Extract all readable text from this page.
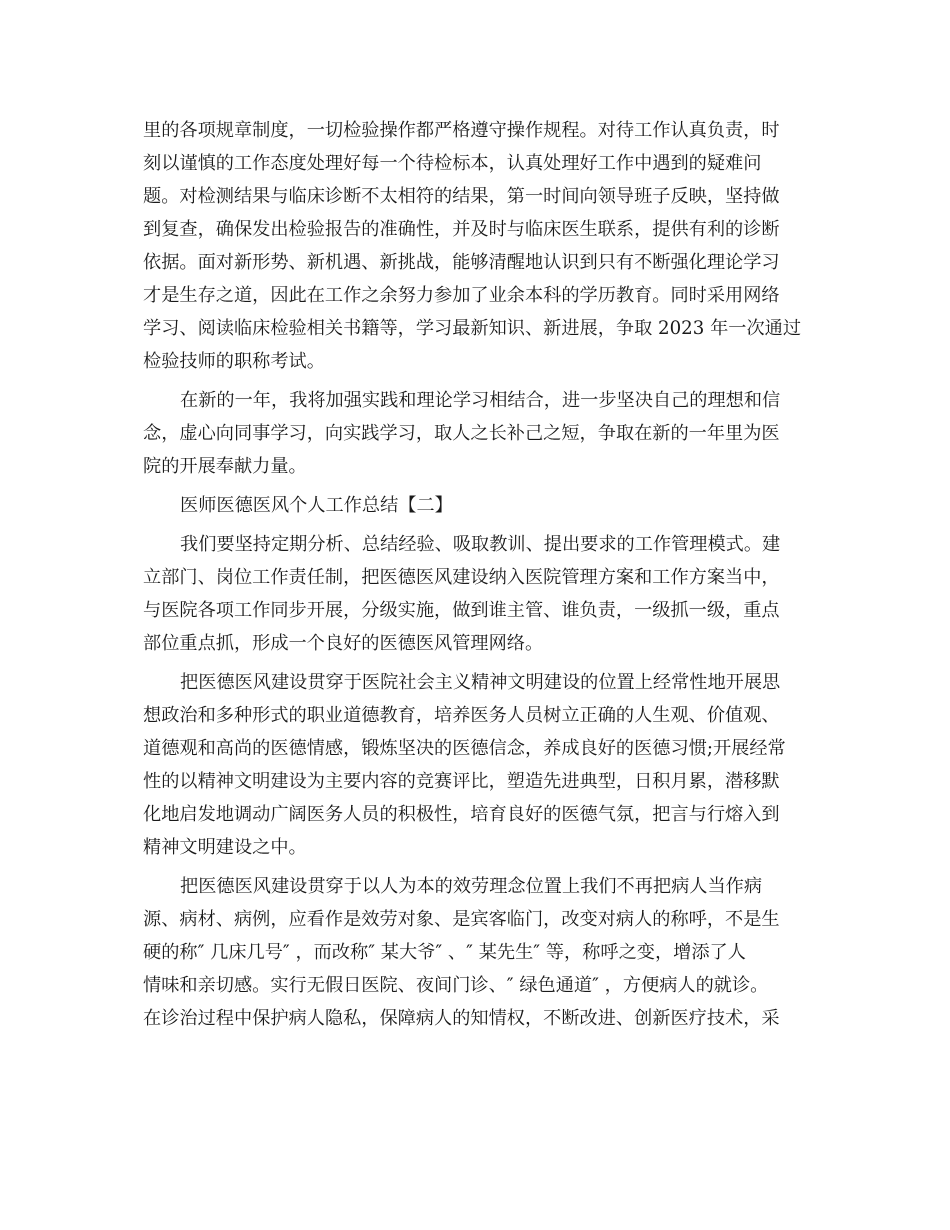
里的各项规章制度，一切检验操作都严格遵守操作规程。对待工作认真负责，时
刻以谨慎的工作态度处理好每一个待检标本，认真处理好工作中遇到的疑难问
题。对检测结果与临床诊断不太相符的结果，第一时间向领导班子反映，坚持做
到复查，确保发出检验报告的准确性，并及时与临床医生联系，提供有利的诊断
依据。面对新形势、新机遇、新挑战，能够清醒地认识到只有不断强化理论学习
才是生存之道，因此在工作之余努力参加了业余本科的学历教育。同时采用网络
学习、阅读临床检验相关书籍等，学习最新知识、新进展，争取 2023 年一次通过
检验技师的职称考试。
在新的一年，我将加强实践和理论学习相结合，进一步坚决自己的理想和信
念，虚心向同事学习，向实践学习，取人之长补己之短，争取在新的一年里为医
院的开展奉献力量。
医师医德医风个人工作总结【二】
我们要坚持定期分析、总结经验、吸取教训、提出要求的工作管理模式。建
立部门、岗位工作责任制，把医德医风建设纳入医院管理方案和工作方案当中，
与医院各项工作同步开展，分级实施，做到谁主管、谁负责，一级抓一级，重点
部位重点抓，形成一个良好的医德医风管理网络。
把医德医风建设贯穿于医院社会主义精神文明建设的位置上经常性地开展思
想政治和多种形式的职业道德教育，培养医务人员树立正确的人生观、价值观、
道德观和高尚的医德情感，锻炼坚决的医德信念，养成良好的医德习惯;开展经常
性的以精神文明建设为主要内容的竞赛评比，塑造先进典型，日积月累，潜移默
化地启发地调动广阔医务人员的积极性，培育良好的医德气氛，把言与行熔入到
精神文明建设之中。
把医德医风建设贯穿于以人为本的效劳理念位置上我们不再把病人当作病
源、病材、病例，应看作是效劳对象、是宾客临门，改变对病人的称呼，不是生
硬的称″ 几床几号″ ，而改称″ 某大爷″ 、″ 某先生″ 等，称呼之变，增添了人
情味和亲切感。实行无假日医院、夜间门诊、″ 绿色通道″ ，方便病人的就诊。
在诊治过程中保护病人隐私，保障病人的知情权，不断改进、创新医疗技术，采
